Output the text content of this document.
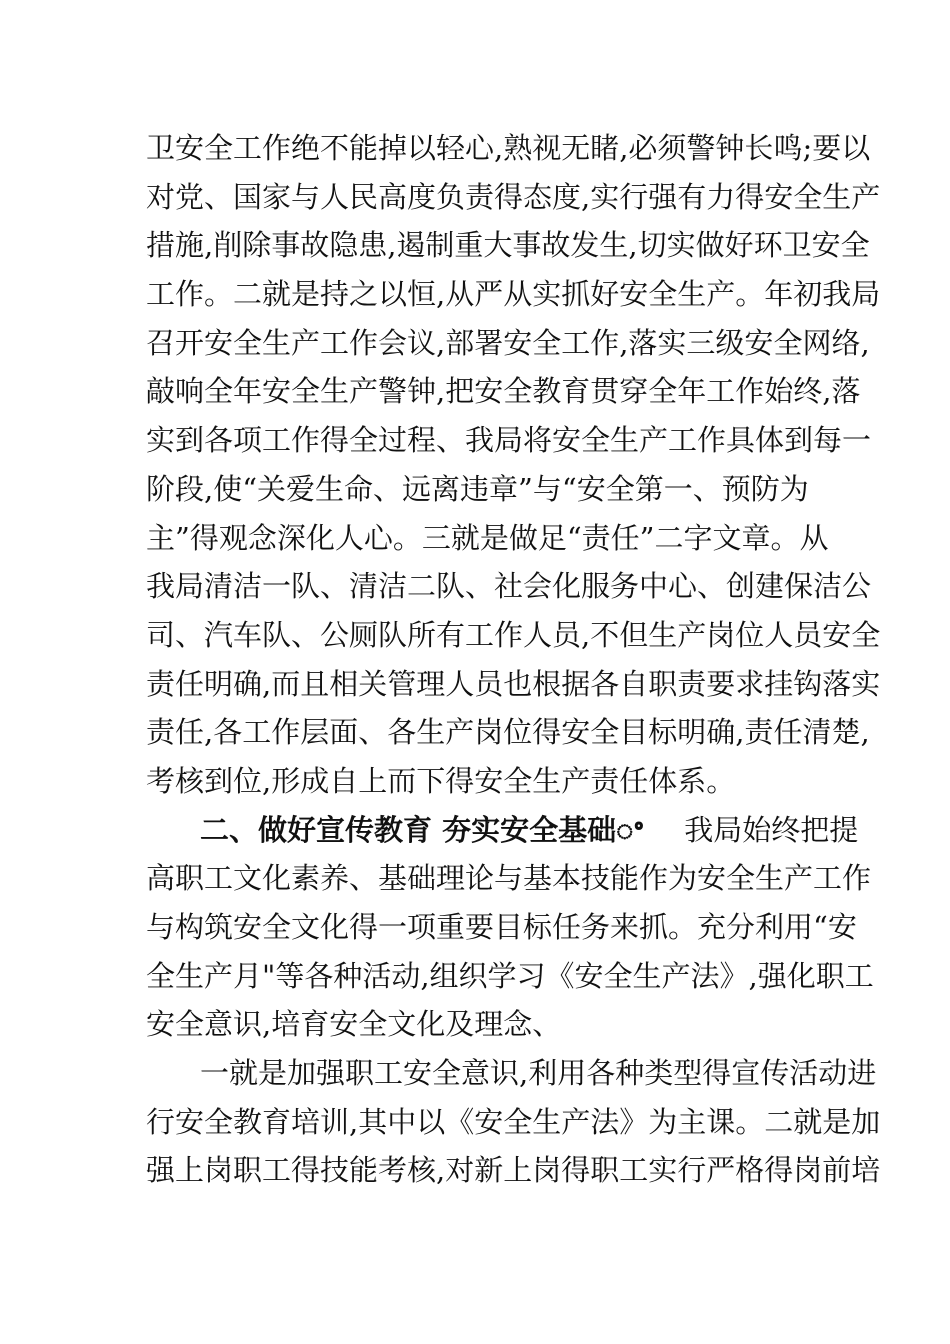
卫安全工作绝不能掉以轻心,熟视无睹,必须警钟长鸣;要以
对党、国家与人民高度负责得态度,实行强有力得安全生产
措施,削除事故隐患,遏制重大事故发生,切实做好环卫安全
工作。二就是持之以恒,从严从实抓好安全生产。年初我局
召开安全生产工作会议,部署安全工作,落实三级安全网络,
敲响全年安全生产警钟,把安全教育贯穿全年工作始终,落
实到各项工作得全过程、我局将安全生产工作具体到每一
阶段,使“关爱生命、远离违章”与“安全第一、预防为
主”得观念深化人心。三就是做足“责任”二字文章。从
我局清洁一队、清洁二队、社会化服务中心、创建保洁公
司、汽车队、公厕队所有工作人员,不但生产岗位人员安全
责任明确,而且相关管理人员也根据各自职责要求挂钩落实
责任,各工作层面、各生产岗位得安全目标明确,责任清楚,
考核到位,形成自上而下得安全生产责任体系。
二、做好宣传教育 夯实安全基础ꢀ 我局始终把提
高职工文化素养、基础理论与基本技能作为安全生产工作
与构筑安全文化得一项重要目标任务来抓。充分利用“安
全生产月"等各种活动,组织学习《安全生产法》,强化职工
安全意识,培育安全文化及理念、
一就是加强职工安全意识,利用各种类型得宣传活动进
行安全教育培训,其中以《安全生产法》为主课。二就是加
强上岗职工得技能考核,对新上岗得职工实行严格得岗前培
